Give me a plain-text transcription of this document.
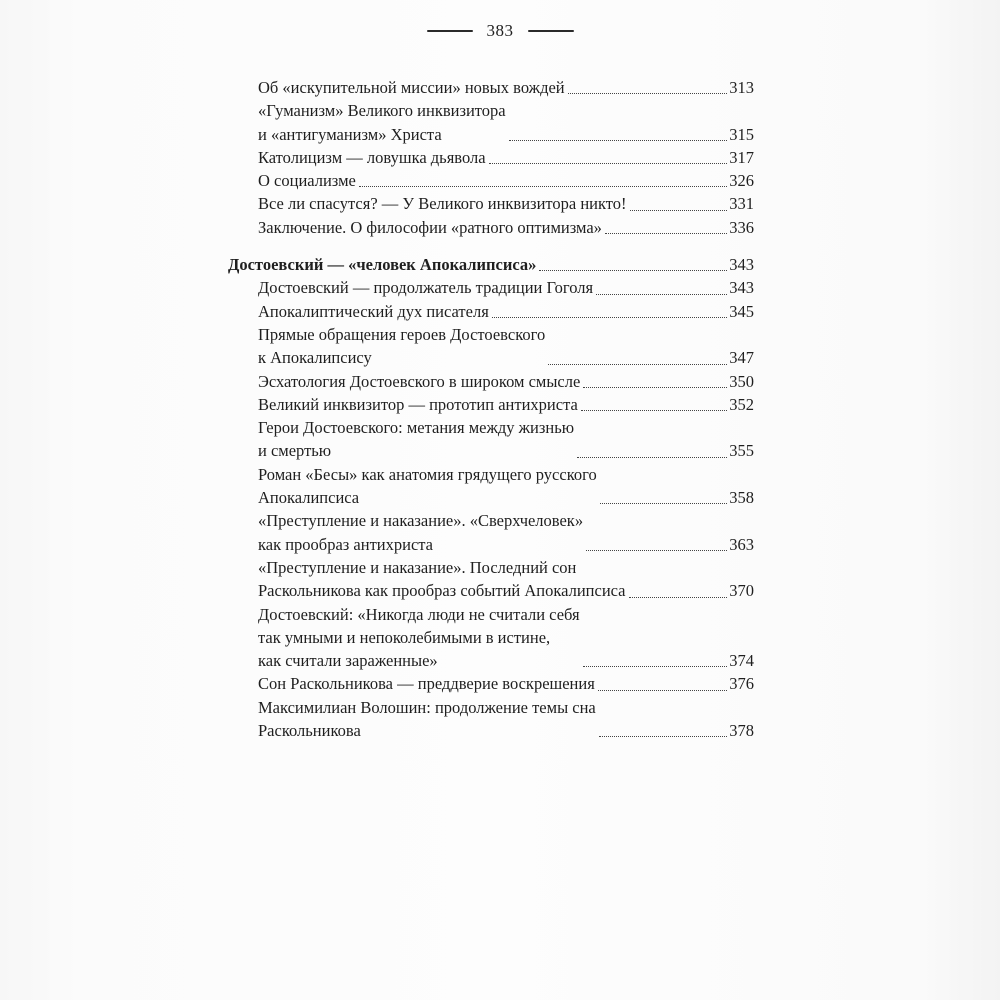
383
Об «искупительной миссии» новых вождей	313
«Гуманизм» Великого инквизитора
и «антигуманизм» Христа	315
Католицизм — ловушка дьявола	317
О социализме	326
Все ли спасутся? — У Великого инквизитора никто!	331
Заключение. О философии «ратного оптимизма»	336
Достоевский — «человек Апокалипсиса»	343
Достоевский — продолжатель традиции Гоголя	343
Апокалиптический дух писателя	345
Прямые обращения героев Достоевского
к Апокалипсису	347
Эсхатология Достоевского в широком смысле	350
Великий инквизитор — прототип антихриста	352
Герои Достоевского: метания между жизнью
и смертью	355
Роман «Бесы» как анатомия грядущего русского
Апокалипсиса	358
«Преступление и наказание». «Сверхчеловек»
как прообраз антихриста	363
«Преступление и наказание». Последний сон
Раскольникова как прообраз событий Апокалипсиса	370
Достоевский: «Никогда люди не считали себя
так умными и непоколебимыми в истине,
как считали зараженные»	374
Сон Раскольникова — преддверие воскрешения	376
Максимилиан Волошин: продолжение темы сна
Раскольникова	378
